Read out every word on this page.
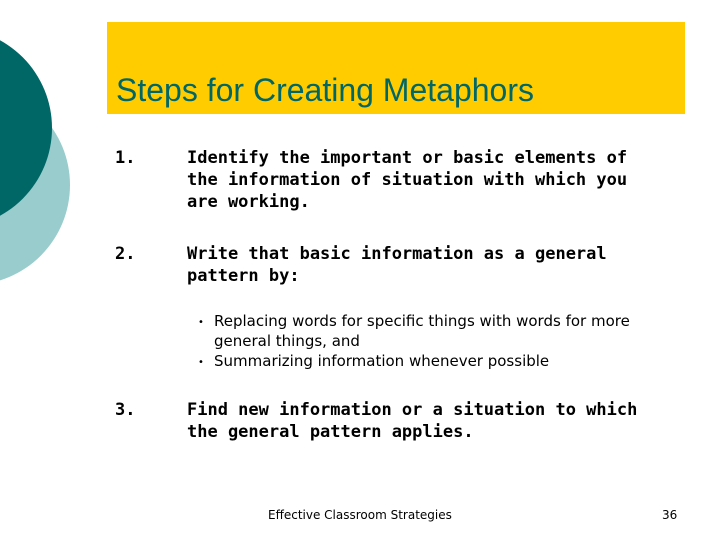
Steps for Creating Metaphors
1.	Identify the important or basic elements of the information of situation with which you are working.
2.	Write that basic information as a general pattern by:
• Replacing words for specific things with words for more general things, and
• Summarizing information whenever possible
3.	Find new information or a situation to which the general pattern applies.
Effective Classroom Strategies	36
